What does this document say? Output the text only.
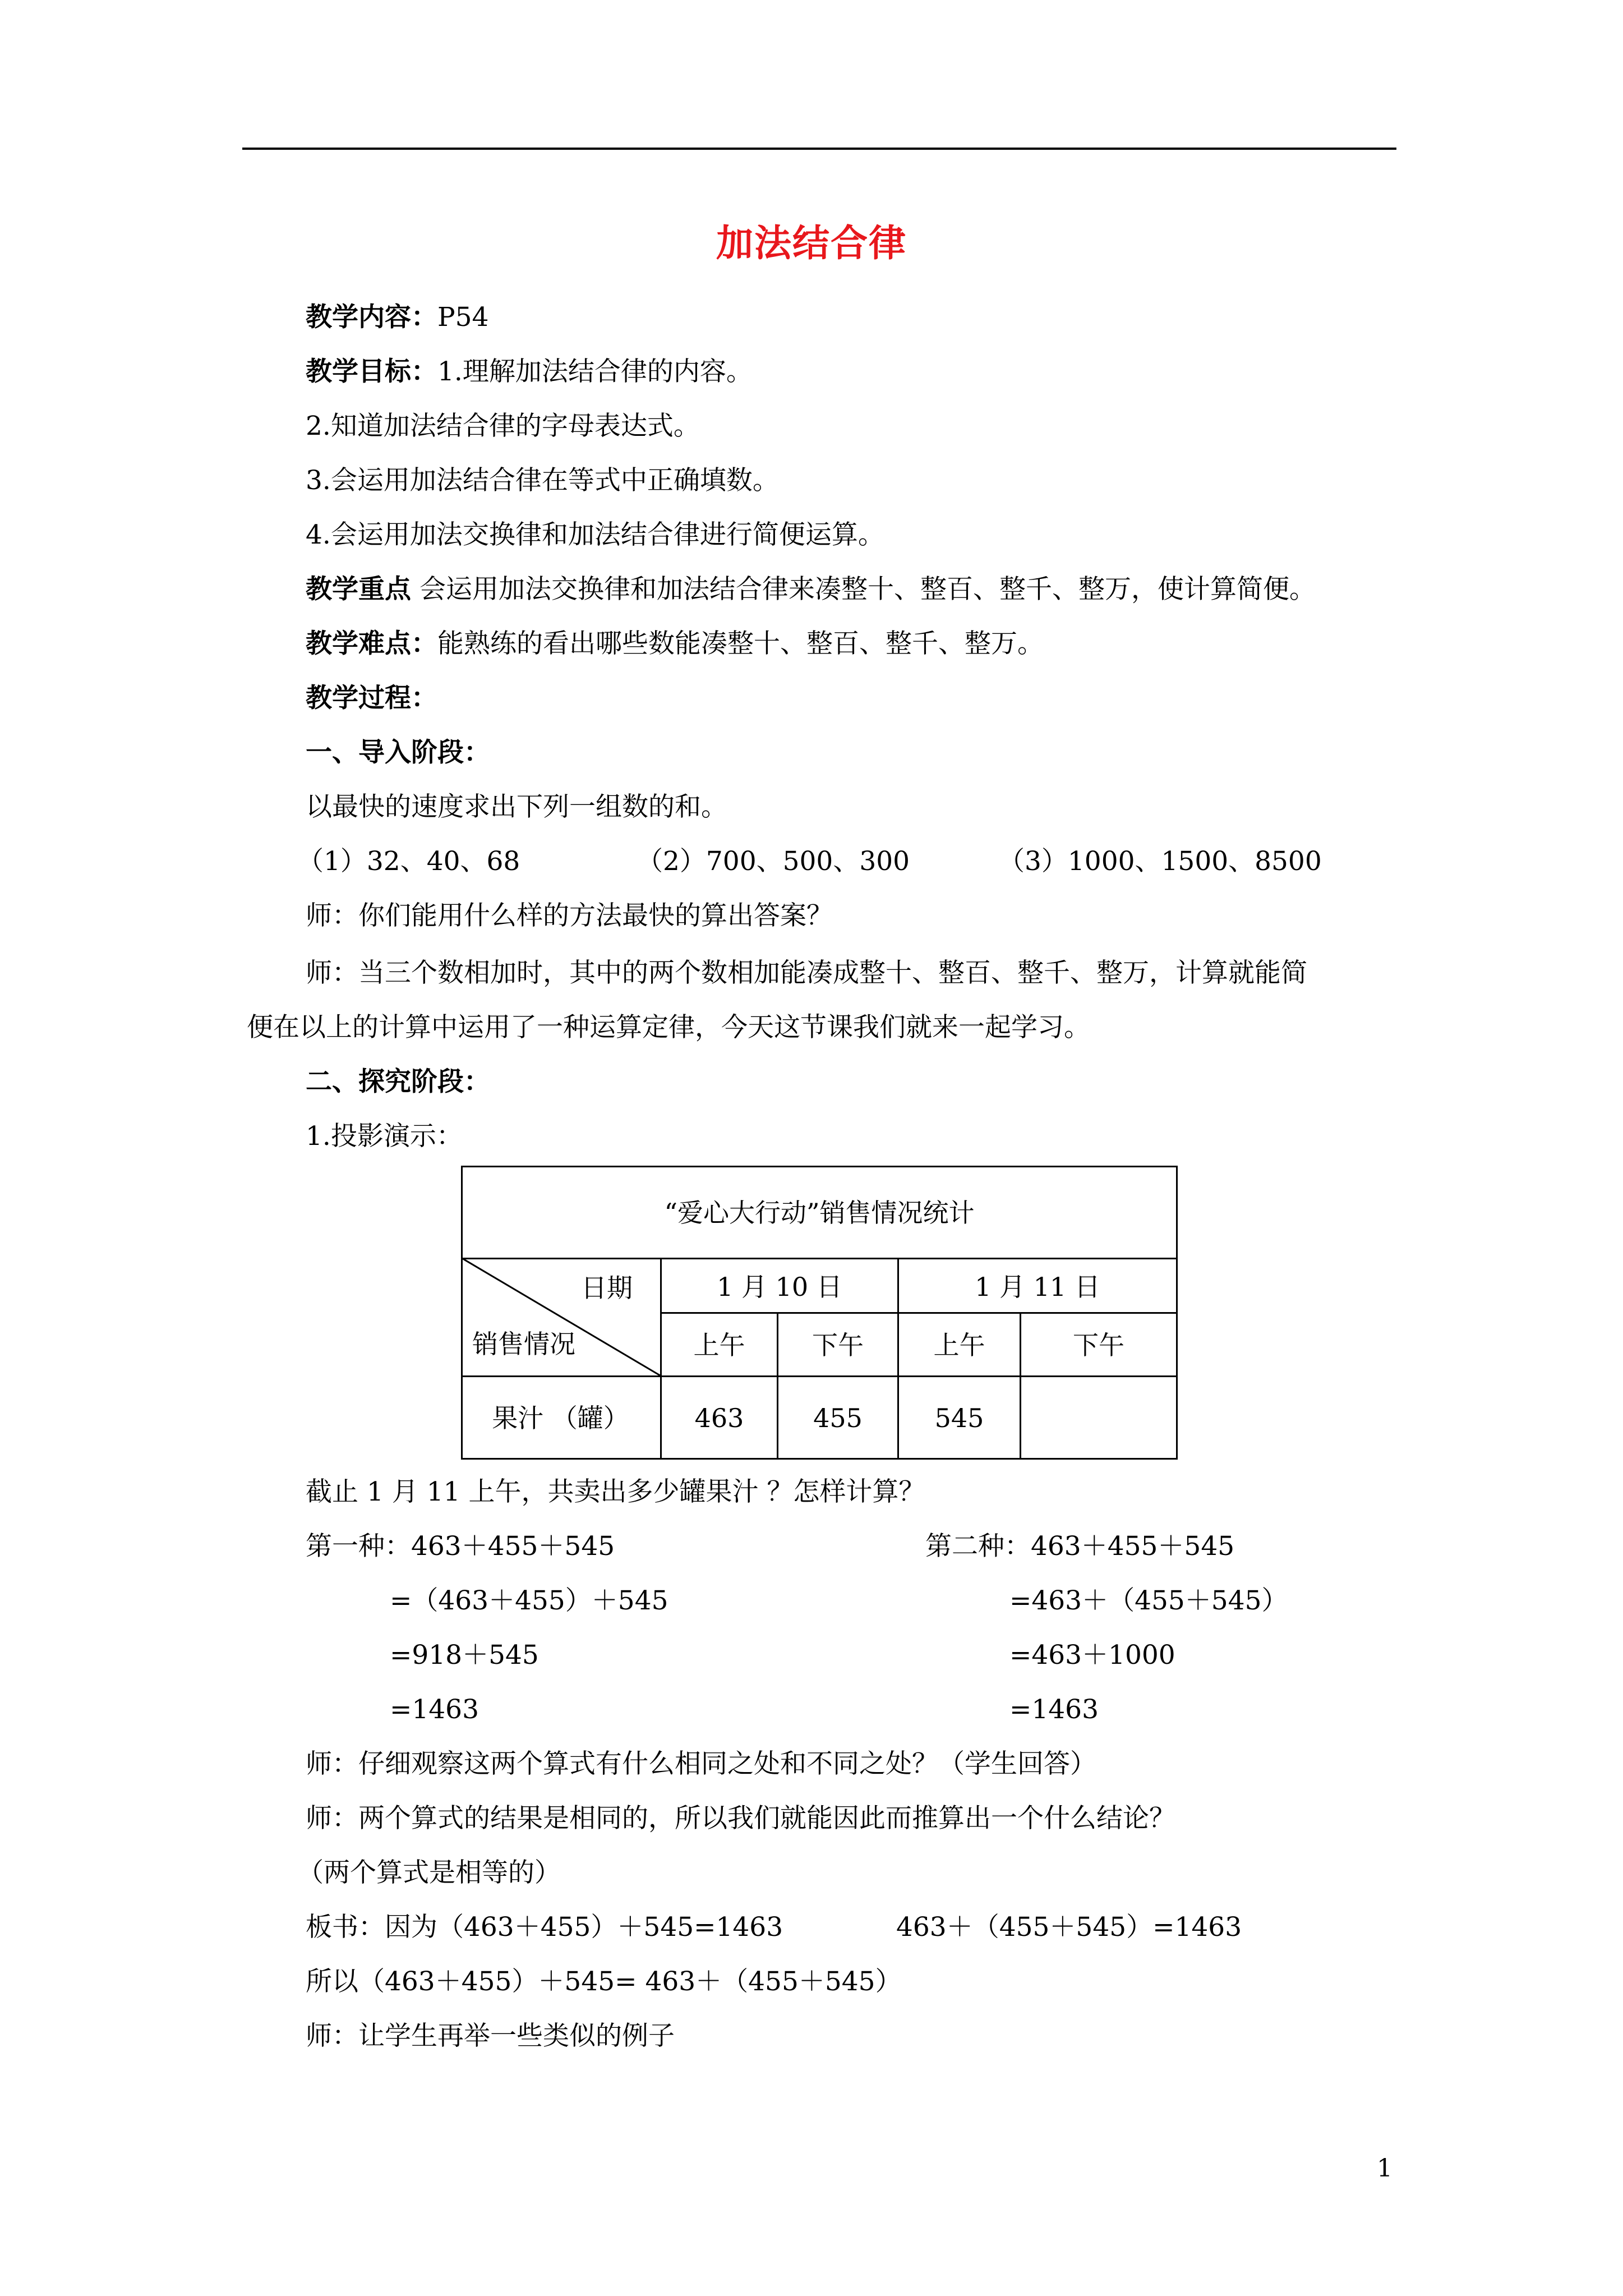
加法结合律
教学内容：P54
教学目标：1.理解加法结合律的内容。
2.知道加法结合律的字母表达式。
3.会运用加法结合律在等式中正确填数。
4.会运用加法交换律和加法结合律进行简便运算。
教学重点 会运用加法交换律和加法结合律来凑整十、整百、整千、整万，使计算简便。
教学难点：能熟练的看出哪些数能凑整十、整百、整千、整万。
教学过程：
一、导入阶段：
以最快的速度求出下列一组数的和。
（1）32、40、68	（2）700、500、300	（3）1000、1500、8500
师：你们能用什么样的方法最快的算出答案？
师：当三个数相加时，其中的两个数相加能凑成整十、整百、整千、整万，计算就能简
便在以上的计算中运用了一种运算定律，今天这节课我们就来一起学习。
二、探究阶段：
1.投影演示：
“爱心大行动”销售情况统计
日期
销售情况
1 月 10 日	1 月 11 日
上午	下午	上午	下午
果汁 （罐）	463	455	545
截止 1 月 11 上午，共卖出多少罐果汁 ？怎样计算？
第一种：463＋455＋545
=（463＋455）＋545
=918＋545
=1463
第二种：463＋455＋545
=463＋（455＋545）
=463＋1000
=1463
师：仔细观察这两个算式有什么相同之处和不同之处？（学生回答）
师：两个算式的结果是相同的，所以我们就能因此而推算出一个什么结论？
（两个算式是相等的）
板书：因为（463＋455）＋545=1463	463＋（455＋545）=1463
所以（463＋455）＋545= 463＋（455＋545）
师：让学生再举一些类似的例子
1
